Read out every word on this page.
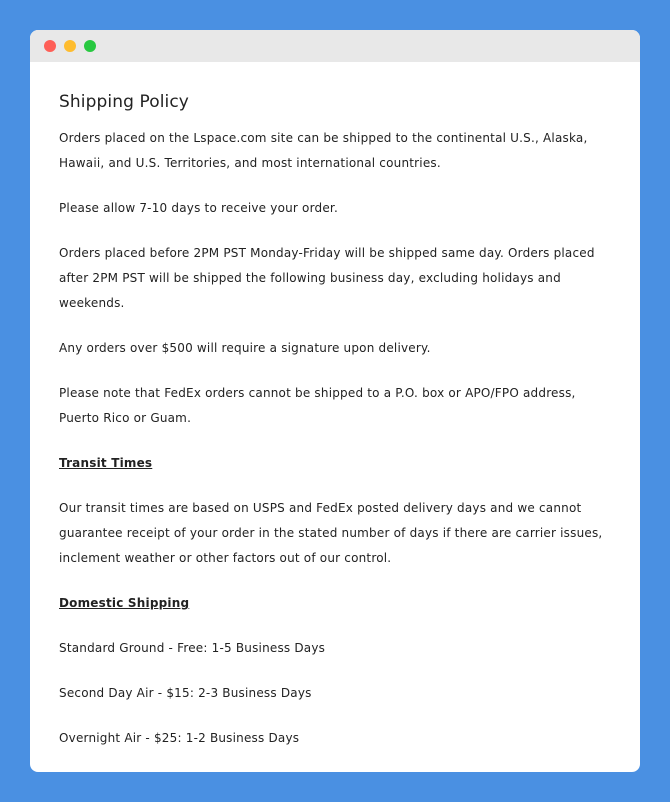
Shipping Policy

Orders placed on the Lspace.com site can be shipped to the continental U.S., Alaska, Hawaii, and U.S. Territories, and most international countries.

Please allow 7-10 days to receive your order.

Orders placed before 2PM PST Monday-Friday will be shipped same day. Orders placed after 2PM PST will be shipped the following business day, excluding holidays and weekends.

Any orders over $500 will require a signature upon delivery.

Please note that FedEx orders cannot be shipped to a P.O. box or APO/FPO address, Puerto Rico or Guam.

Transit Times

Our transit times are based on USPS and FedEx posted delivery days and we cannot guarantee receipt of your order in the stated number of days if there are carrier issues, inclement weather or other factors out of our control.

Domestic Shipping

Standard Ground - Free: 1-5 Business Days

Second Day Air - $15: 2-3 Business Days

Overnight Air - $25: 1-2 Business Days
